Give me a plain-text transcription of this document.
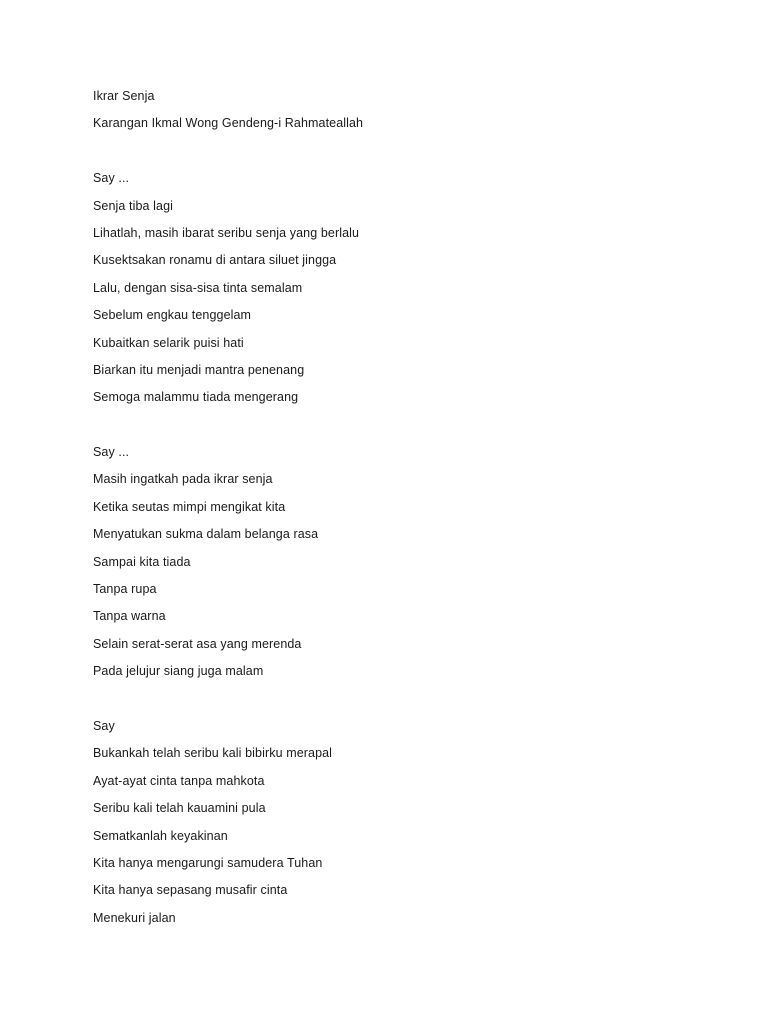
Ikrar Senja
Karangan Ikmal Wong Gendeng-i Rahmateallah
Say ...
Senja tiba lagi
Lihatlah, masih ibarat seribu senja yang berlalu
Kusektsakan ronamu di antara siluet jingga
Lalu, dengan sisa-sisa tinta semalam
Sebelum engkau tenggelam
Kubaitkan selarik puisi hati
Biarkan itu menjadi mantra penenang
Semoga malammu tiada mengerang
Say ...
Masih ingatkah pada ikrar senja
Ketika seutas mimpi mengikat kita
Menyatukan sukma dalam belanga rasa
Sampai kita tiada
Tanpa rupa
Tanpa warna
Selain serat-serat asa yang merenda
Pada jelujur siang juga malam
Say
Bukankah telah seribu kali bibirku merapal
Ayat-ayat cinta tanpa mahkota
Seribu kali telah kauamini pula
Sematkanlah keyakinan
Kita hanya mengarungi samudera Tuhan
Kita hanya sepasang musafir cinta
Menekuri jalan
